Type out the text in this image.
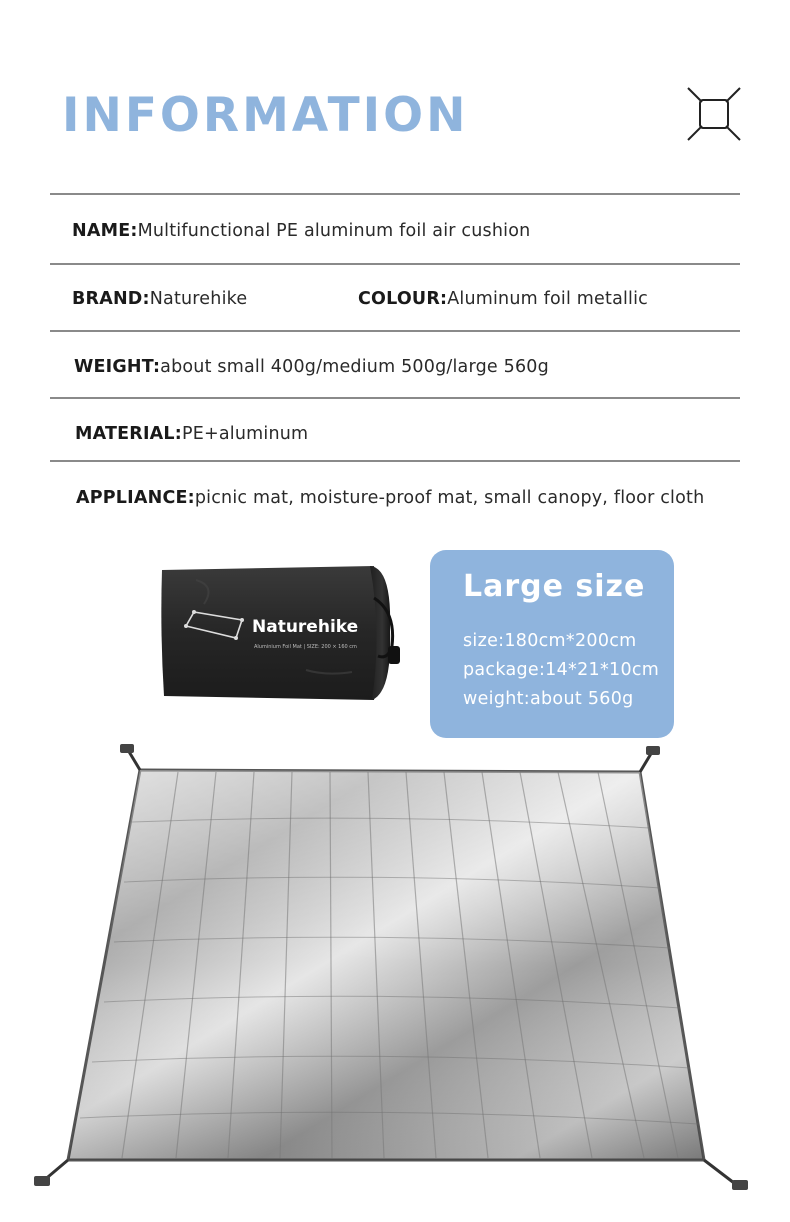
INFORMATION
NAME:Multifunctional PE aluminum foil air cushion
BRAND:Naturehike	COLOUR:Aluminum foil metallic
WEIGHT:about small 400g/medium 500g/large 560g
MATERIAL:PE+aluminum
APPLIANCE:picnic mat, moisture-proof mat, small canopy, floor cloth
Naturehike
Aluminium Foil Mat | SIZE: 200 × 160 cm
Large size
size:180cm*200cm
package:14*21*10cm
weight:about 560g
